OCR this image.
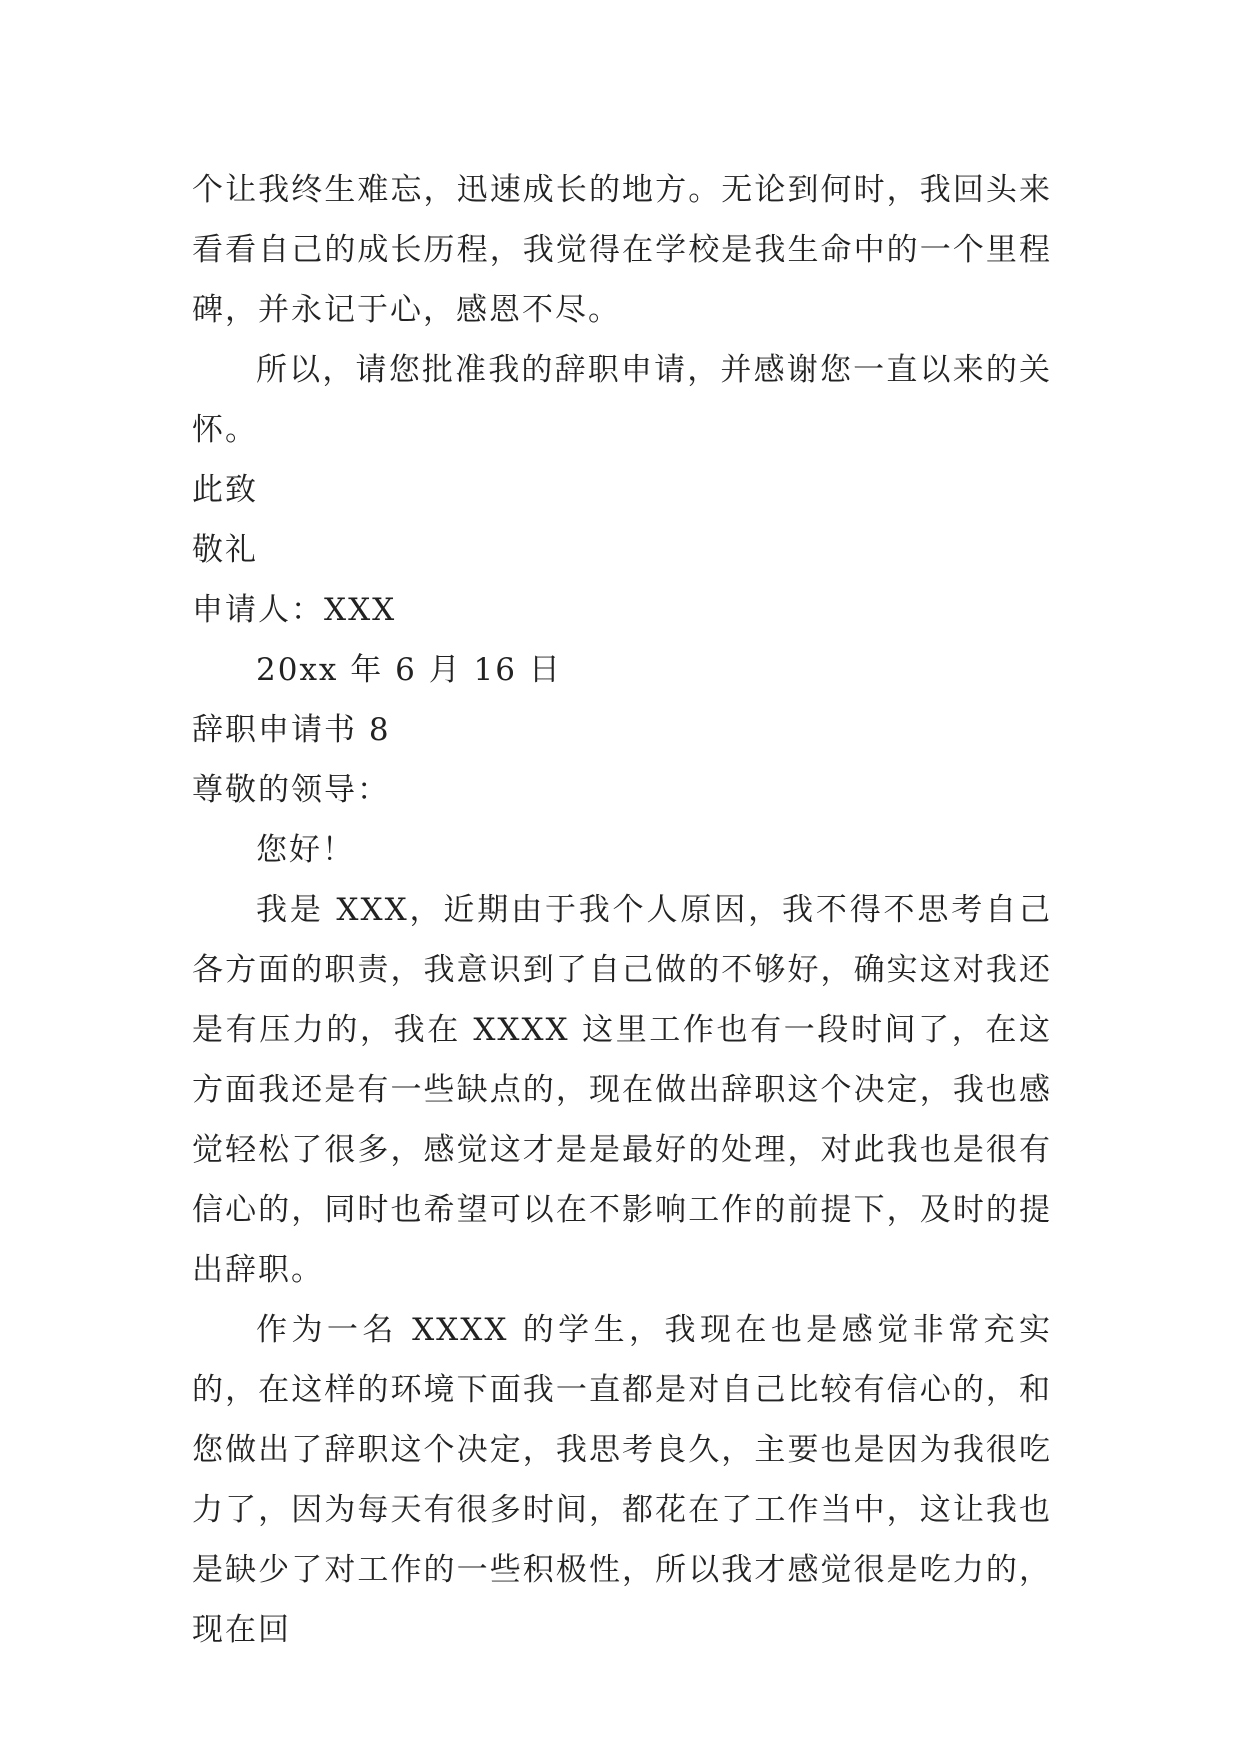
个让我终生难忘，迅速成长的地方。无论到何时，我回头来看看自己的成长历程，我觉得在学校是我生命中的一个里程碑，并永记于心，感恩不尽。

所以，请您批准我的辞职申请，并感谢您一直以来的关怀。

此致

敬礼

申请人：XXX

20xx 年 6 月 16 日

辞职申请书 8

尊敬的领导：

您好！

我是 XXX，近期由于我个人原因，我不得不思考自己各方面的职责，我意识到了自己做的不够好，确实这对我还是有压力的，我在 XXXX 这里工作也有一段时间了，在这方面我还是有一些缺点的，现在做出辞职这个决定，我也感觉轻松了很多，感觉这才是是最好的处理，对此我也是很有信心的，同时也希望可以在不影响工作的前提下，及时的提出辞职。

作为一名 XXXX 的学生，我现在也是感觉非常充实的，在这样的环境下面我一直都是对自己比较有信心的，和您做出了辞职这个决定，我思考良久，主要也是因为我很吃力了，因为每天有很多时间，都花在了工作当中，这让我也是缺少了对工作的一些积极性，所以我才感觉很是吃力的，现在回
